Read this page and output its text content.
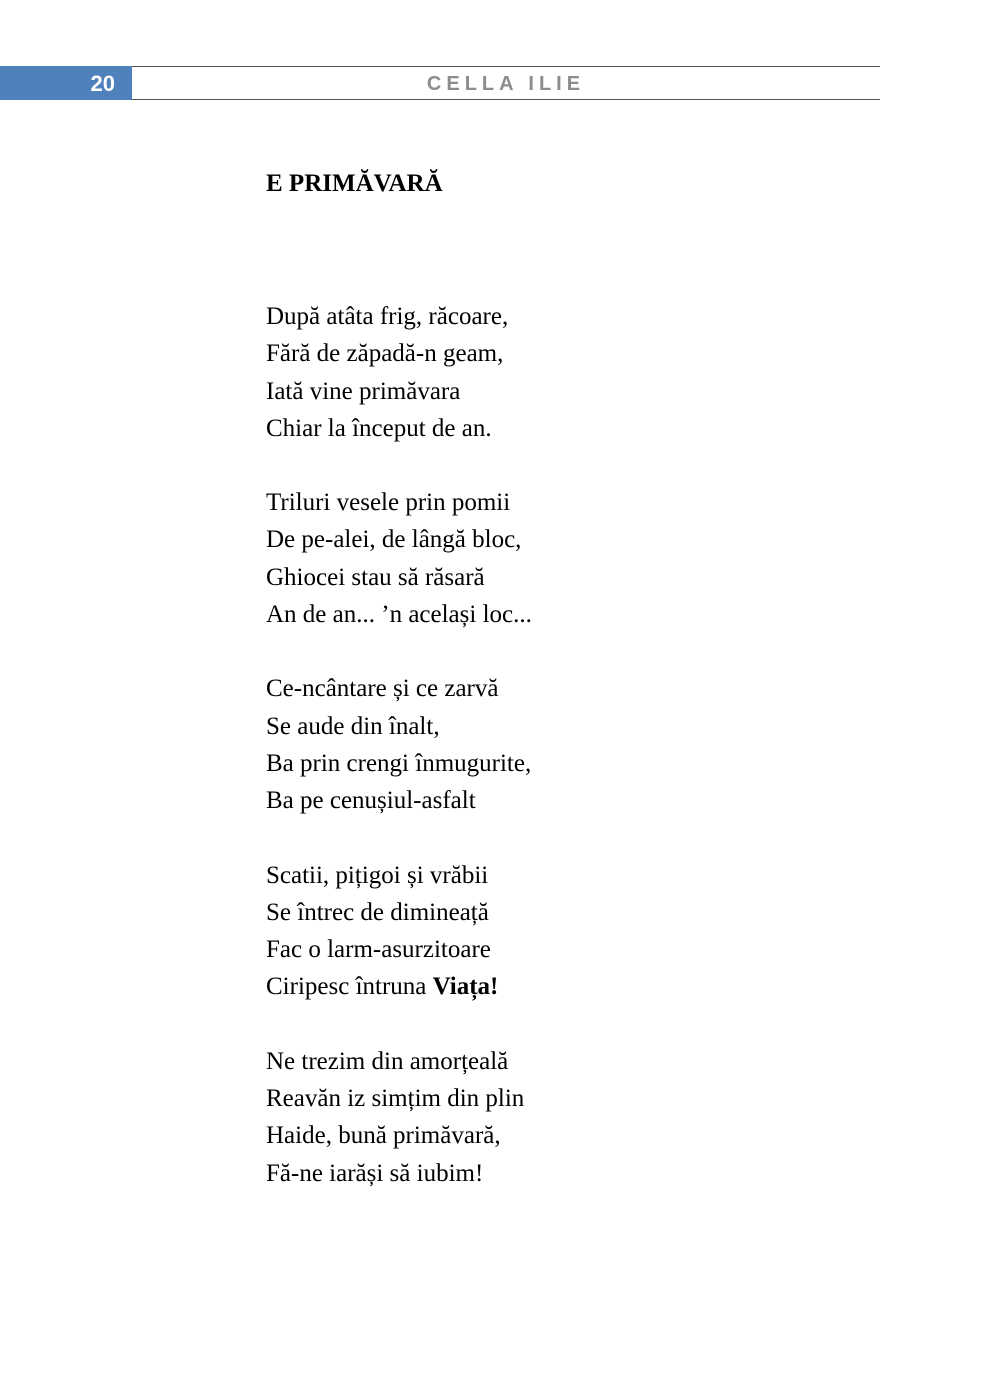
20	CELLA ILIE
E PRIMĂVARĂ
După atâta frig, răcoare,
Fără de zăpadă-n geam,
Iată vine primăvara
Chiar la început de an.
Triluri vesele prin pomii
De pe-alei, de lângă bloc,
Ghiocei stau să răsară
An de an... ’n același loc...
Ce-ncântare și ce zarvă
Se aude din înalt,
Ba prin crengi înmugurite,
Ba pe cenușiul-asfalt
Scatii, pițigoi și vrăbii
Se întrec de dimineață
Fac o larm-asurzitoare
Ciripesc întruna Viața!
Ne trezim din amorțeală
Reavăn iz simțim din plin
Haide, bună primăvară,
Fă-ne iarăși să iubim!
